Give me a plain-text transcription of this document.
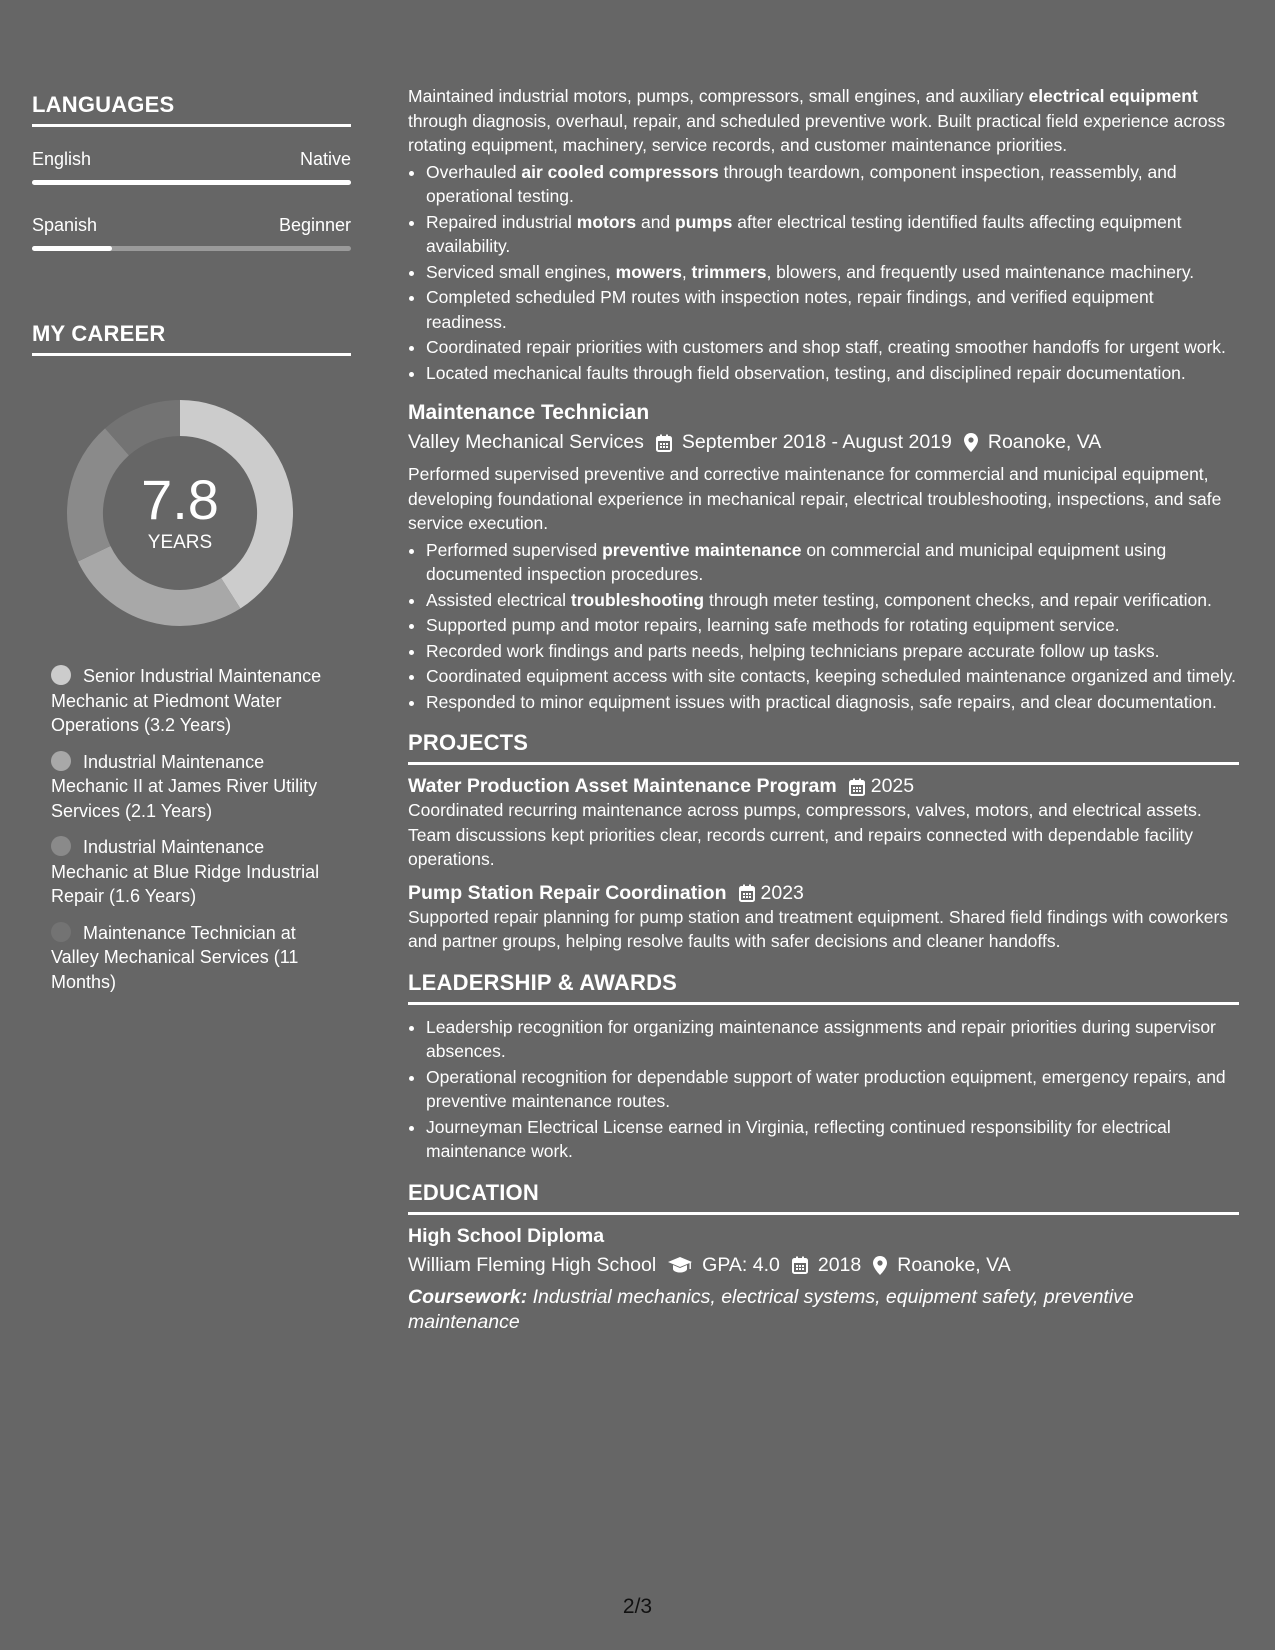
LANGUAGES
English	Native
Spanish	Beginner
MY CAREER
7.8
YEARS
Senior Industrial Maintenance Mechanic at Piedmont Water Operations (3.2 Years)
Industrial Maintenance Mechanic II at James River Utility Services (2.1 Years)
Industrial Maintenance Mechanic at Blue Ridge Industrial Repair (1.6 Years)
Maintenance Technician at Valley Mechanical Services (11 Months)

Maintained industrial motors, pumps, compressors, small engines, and auxiliary electrical equipment through diagnosis, overhaul, repair, and scheduled preventive work. Built practical field experience across rotating equipment, machinery, service records, and customer maintenance priorities.

• Overhauled air cooled compressors through teardown, component inspection, reassembly, and operational testing.
• Repaired industrial motors and pumps after electrical testing identified faults affecting equipment availability.
• Serviced small engines, mowers, trimmers, blowers, and frequently used maintenance machinery.
• Completed scheduled PM routes with inspection notes, repair findings, and verified equipment readiness.
• Coordinated repair priorities with customers and shop staff, creating smoother handoffs for urgent work.
• Located mechanical faults through field observation, testing, and disciplined repair documentation.
Maintenance Technician
Valley Mechanical Services September 2018 - August 2019 Roanoke, VA

Performed supervised preventive and corrective maintenance for commercial and municipal equipment, developing foundational experience in mechanical repair, electrical troubleshooting, inspections, and safe service execution.

• Performed supervised preventive maintenance on commercial and municipal equipment using documented inspection procedures.
• Assisted electrical troubleshooting through meter testing, component checks, and repair verification.
• Supported pump and motor repairs, learning safe methods for rotating equipment service.
• Recorded work findings and parts needs, helping technicians prepare accurate follow up tasks.
• Coordinated equipment access with site contacts, keeping scheduled maintenance organized and timely.
• Responded to minor equipment issues with practical diagnosis, safe repairs, and clear documentation.
PROJECTS
Water Production Asset Maintenance Program 2025

Coordinated recurring maintenance across pumps, compressors, valves, motors, and electrical assets. Team discussions kept priorities clear, records current, and repairs connected with dependable facility operations.

Pump Station Repair Coordination 2023

Supported repair planning for pump station and treatment equipment. Shared field findings with coworkers and partner groups, helping resolve faults with safer decisions and cleaner handoffs.

LEADERSHIP & AWARDS
• Leadership recognition for organizing maintenance assignments and repair priorities during supervisor absences.
• Operational recognition for dependable support of water production equipment, emergency repairs, and preventive maintenance routes.
• Journeyman Electrical License earned in Virginia, reflecting continued responsibility for electrical maintenance work.
EDUCATION
High School Diploma
William Fleming High School GPA: 4.0 2018 Roanoke, VA
Coursework: Industrial mechanics, electrical systems, equipment safety, preventive maintenance
2/3
